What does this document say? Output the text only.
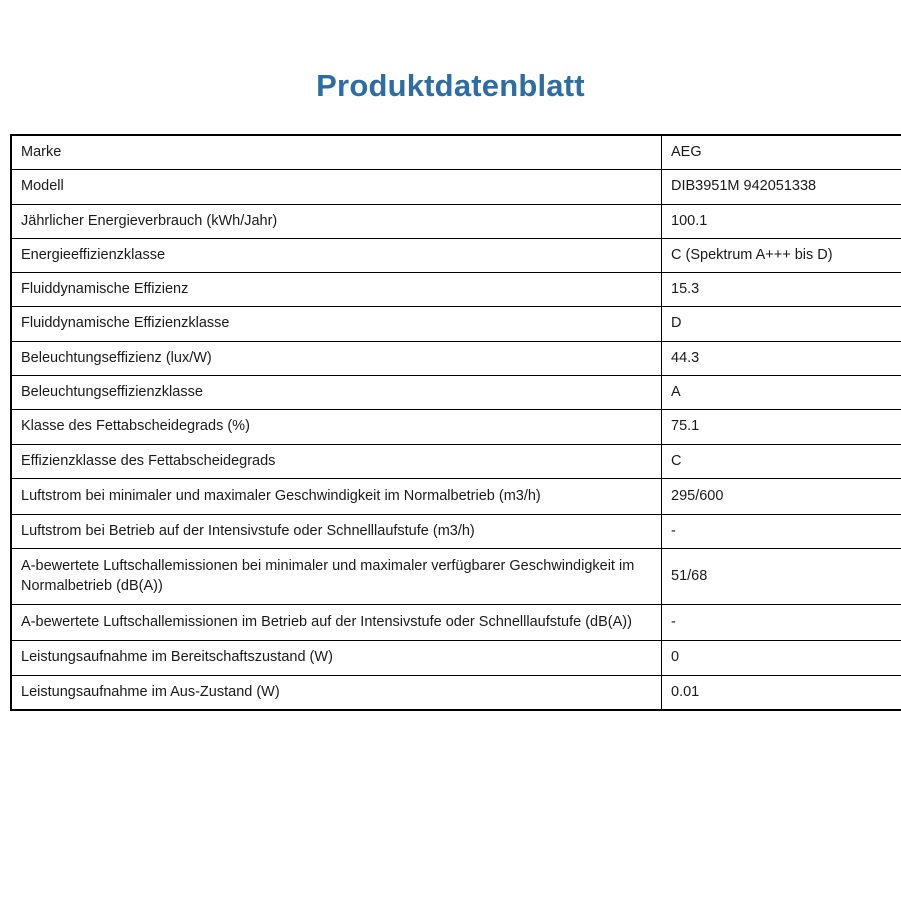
Produktdatenblatt
Marke	AEG
Modell	DIB3951M 942051338
Jährlicher Energieverbrauch (kWh/Jahr)	100.1
Energieeffizienzklasse	C (Spektrum A+++ bis D)
Fluiddynamische Effizienz	15.3
Fluiddynamische Effizienzklasse	D
Beleuchtungseffizienz (lux/W)	44.3
Beleuchtungseffizienzklasse	A
Klasse des Fettabscheidegrads (%)	75.1
Effizienzklasse des Fettabscheidegrads	C
Luftstrom bei minimaler und maximaler Geschwindigkeit im Normalbetrieb (m3/h)	295/600
Luftstrom bei Betrieb auf der Intensivstufe oder Schnelllaufstufe (m3/h)	-
A-bewertete Luftschallemissionen bei minimaler und maximaler verfügbarer Geschwindigkeit im Normalbetrieb (dB(A))	51/68
A-bewertete Luftschallemissionen im Betrieb auf der Intensivstufe oder Schnelllaufstufe (dB(A))	-
Leistungsaufnahme im Bereitschaftszustand (W)	0
Leistungsaufnahme im Aus-Zustand (W)	0.01
